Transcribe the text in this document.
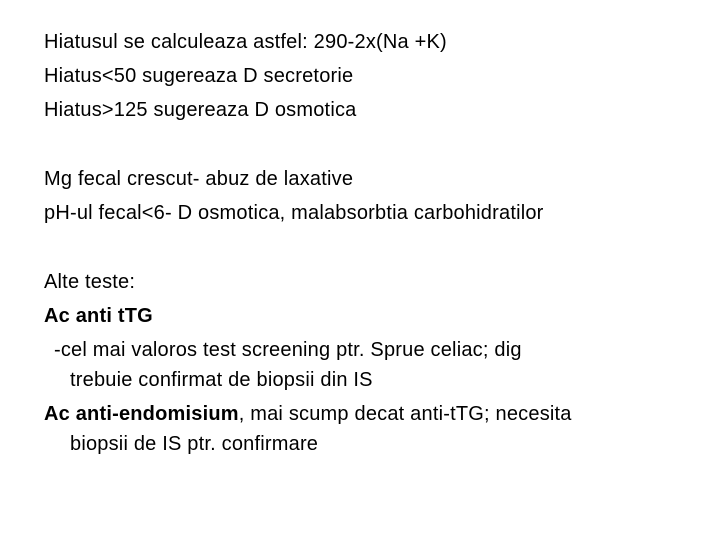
Hiatusul se calculeaza astfel: 290-2x(Na +K)
Hiatus<50 sugereaza D secretorie
Hiatus>125 sugereaza D osmotica
Mg fecal crescut- abuz de laxative
pH-ul fecal<6- D osmotica, malabsorbtia carbohidratilor
Alte teste:
Ac anti tTG
-cel mai valoros test screening ptr. Sprue celiac; dig
trebuie confirmat de biopsii din IS
Ac anti-endomisium, mai scump decat anti-tTG; necesita
biopsii de IS ptr. confirmare
